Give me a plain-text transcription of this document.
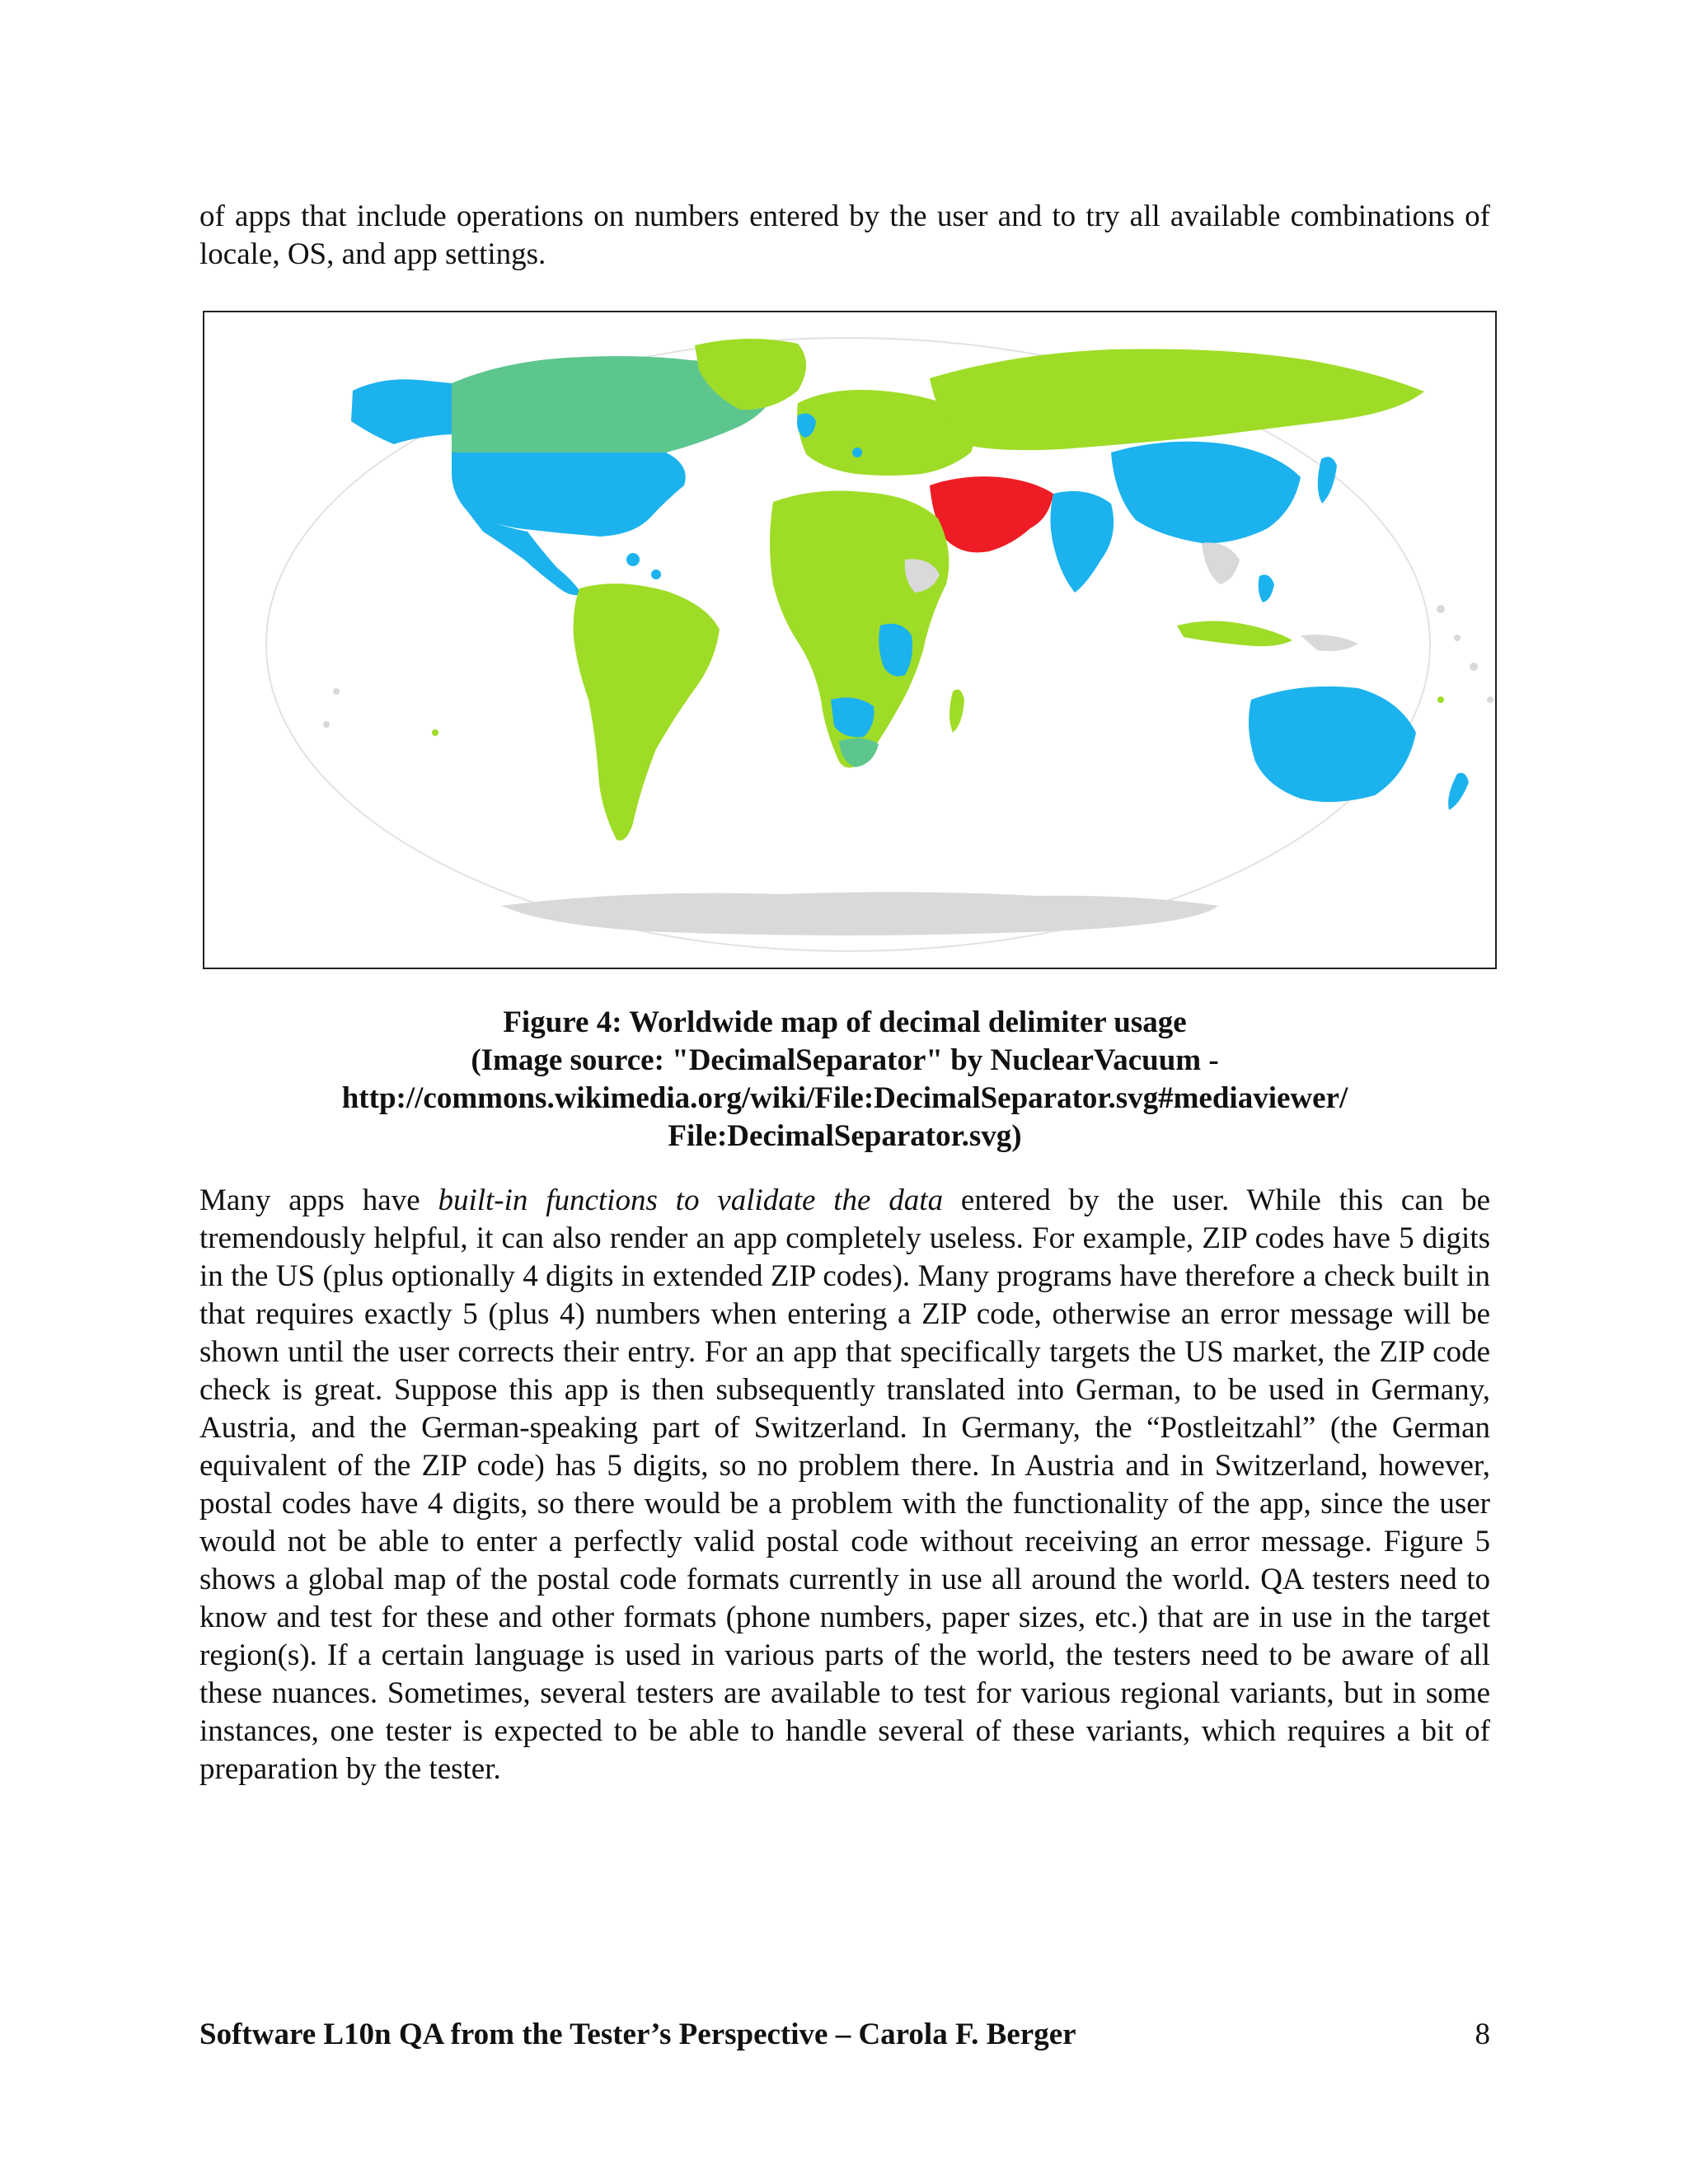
of apps that include operations on numbers entered by the user and to try all available combinations of locale, OS, and app settings.

Figure 4: Worldwide map of decimal delimiter usage
(Image source: "DecimalSeparator" by NuclearVacuum -
http://commons.wikimedia.org/wiki/File:DecimalSeparator.svg#mediaviewer/
File:DecimalSeparator.svg)

Many apps have built-in functions to validate the data entered by the user. While this can be tremendously helpful, it can also render an app completely useless. For example, ZIP codes have 5 digits in the US (plus optionally 4 digits in extended ZIP codes). Many programs have therefore a check built in that requires exactly 5 (plus 4) numbers when entering a ZIP code, otherwise an error message will be shown until the user corrects their entry. For an app that specifically targets the US market, the ZIP code check is great. Suppose this app is then subsequently translated into German, to be used in Germany, Austria, and the German-speaking part of Switzerland. In Germany, the “Postleitzahl” (the German equivalent of the ZIP code) has 5 digits, so no problem there. In Austria and in Switzerland, however, postal codes have 4 digits, so there would be a problem with the functionality of the app, since the user would not be able to enter a perfectly valid postal code without receiving an error message. Figure 5 shows a global map of the postal code formats currently in use all around the world. QA testers need to know and test for these and other formats (phone numbers, paper sizes, etc.) that are in use in the target region(s). If a certain language is used in various parts of the world, the testers need to be aware of all these nuances. Sometimes, several testers are available to test for various regional variants, but in some instances, one tester is expected to be able to handle several of these variants, which requires a bit of preparation by the tester.

Software L10n QA from the Tester’s Perspective – Carola F. Berger	8
